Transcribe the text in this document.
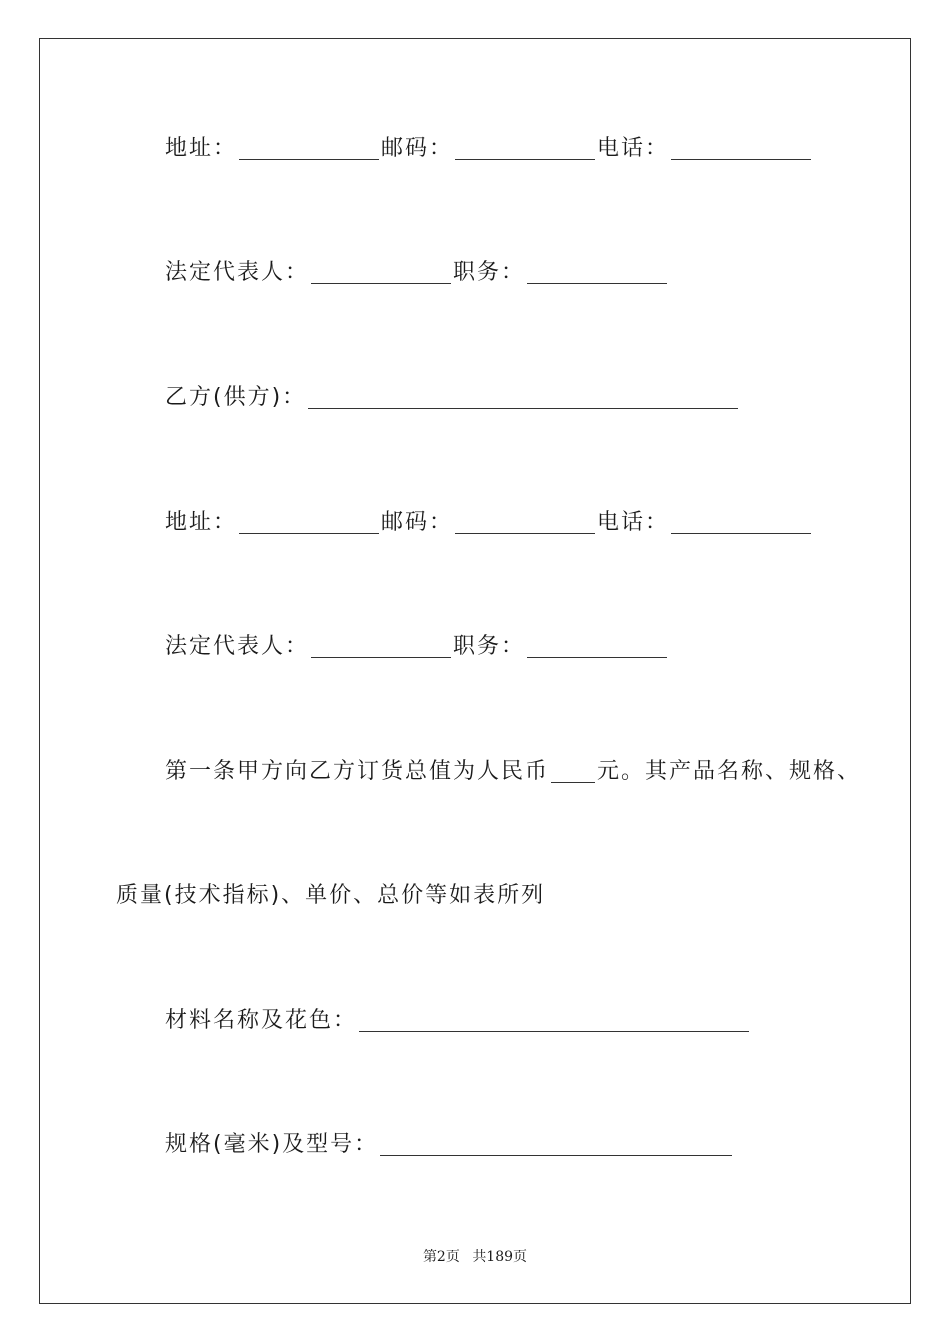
地址：	邮码：	电话：
法定代表人：	职务：
乙方(供方)：
地址：	邮码：	电话：
法定代表人：	职务：
第一条甲方向乙方订货总值为人民币 元。其产品名称、规格、
质量(技术指标)、单价、总价等如表所列
材料名称及花色：
规格(毫米)及型号：
第2页 共189页
